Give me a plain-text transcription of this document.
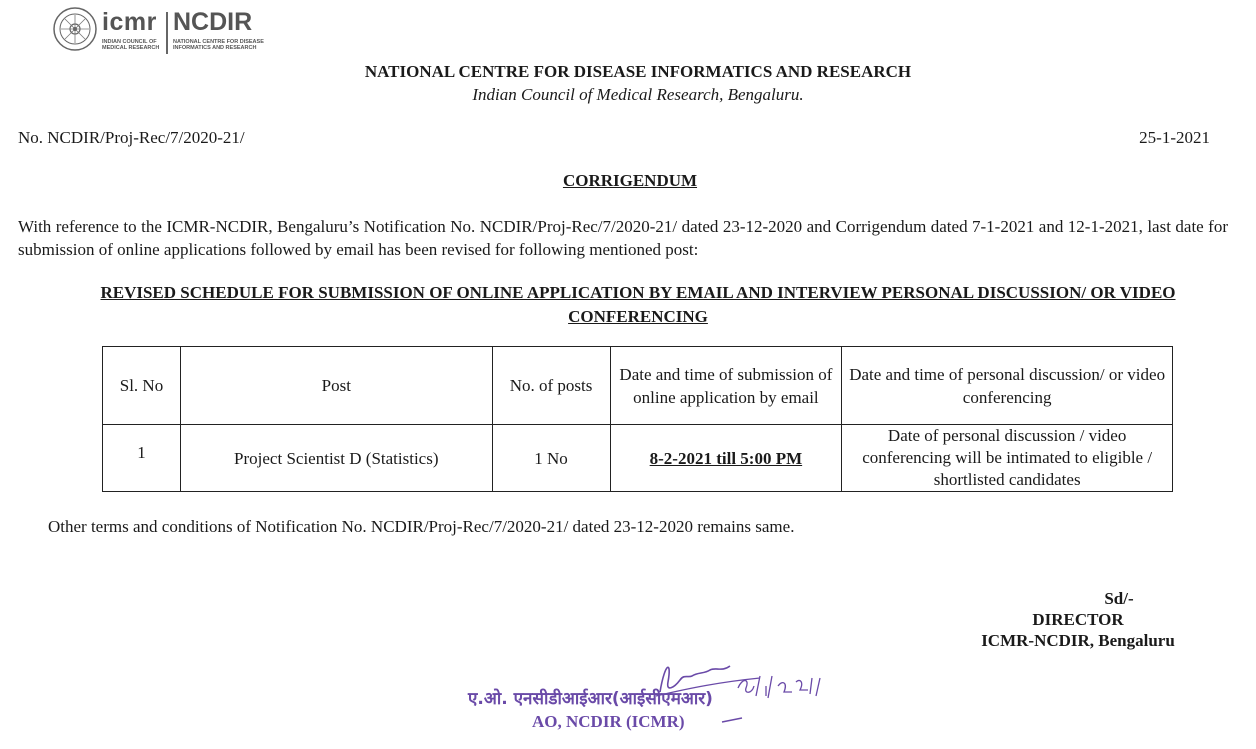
icmr NCDIR
INDIAN COUNCIL OF MEDICAL RESEARCH
NATIONAL CENTRE FOR DISEASE INFORMATICS AND RESEARCH
NATIONAL CENTRE FOR DISEASE INFORMATICS AND RESEARCH
Indian Council of Medical Research, Bengaluru.
No. NCDIR/Proj-Rec/7/2020-21/	25-1-2021
CORRIGENDUM
With reference to the ICMR-NCDIR, Bengaluru’s Notification No. NCDIR/Proj-Rec/7/2020-21/ dated 23-12-2020 and Corrigendum dated 7-1-2021 and 12-1-2021, last date for submission of online applications followed by email has been revised for following mentioned post:
REVISED SCHEDULE FOR SUBMISSION OF ONLINE APPLICATION BY EMAIL AND INTERVIEW PERSONAL DISCUSSION/ OR VIDEO CONFERENCING
Sl. No	Post	No. of posts	Date and time of submission of online application by email	Date and time of personal discussion/ or video conferencing
1	Project Scientist D (Statistics)	1 No	8-2-2021 till 5:00 PM	Date of personal discussion / video conferencing will be intimated to eligible / shortlisted candidates
Other terms and conditions of Notification No. NCDIR/Proj-Rec/7/2020-21/ dated 23-12-2020 remains same.
Sd/-
DIRECTOR
ICMR-NCDIR, Bengaluru
ए.ओ. एनसीडीआईआर(आईसीएमआर)
AO, NCDIR (ICMR)
